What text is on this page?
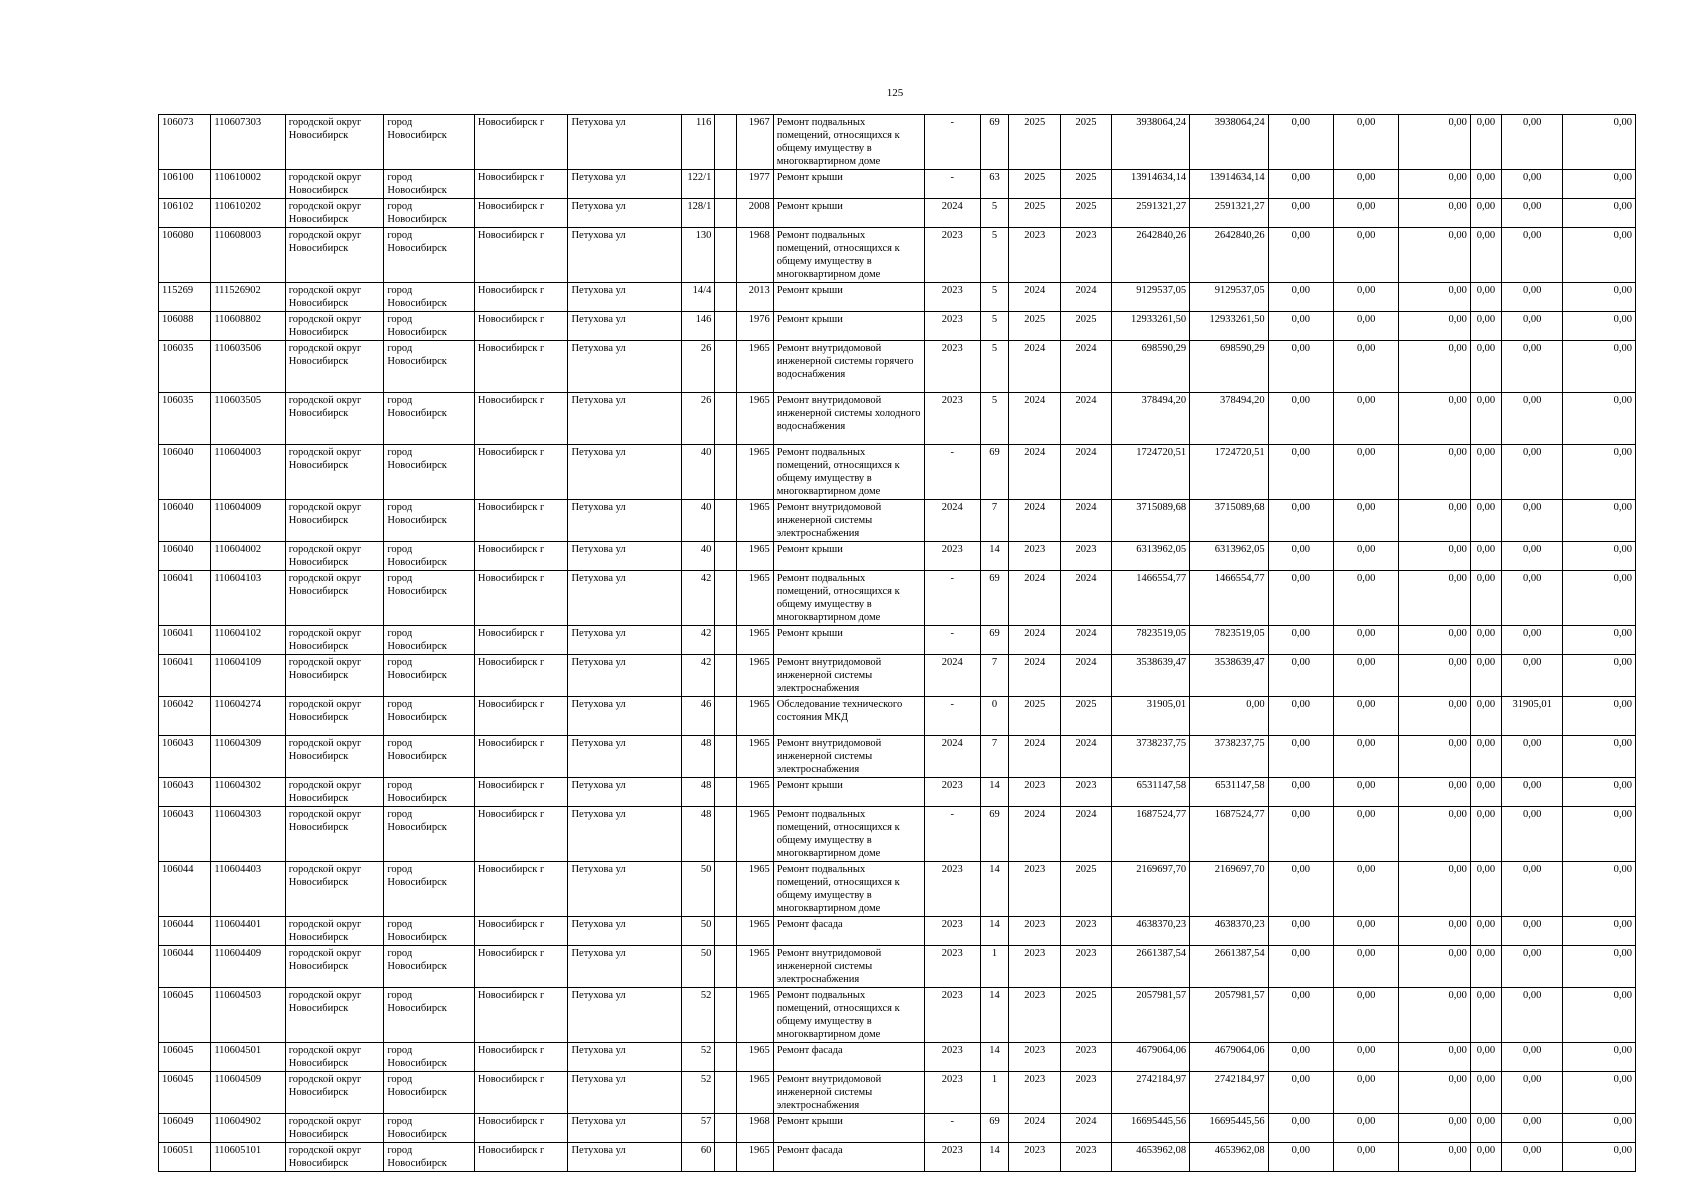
125
106073	110607303	городской округ Новосибирск	город Новосибирск	Новосибирск г	Петухова ул	116		1967	Ремонт подвальных помещений, относящихся к общему имуществу в многоквартирном доме	-	69	2025	2025	3938064,24	3938064,24	0,00	0,00	0,00	0,00	0,00	0,00
106100	110610002	городской округ Новосибирск	город Новосибирск	Новосибирск г	Петухова ул	122/1		1977	Ремонт крыши	-	63	2025	2025	13914634,14	13914634,14	0,00	0,00	0,00	0,00	0,00	0,00
106102	110610202	городской округ Новосибирск	город Новосибирск	Новосибирск г	Петухова ул	128/1		2008	Ремонт крыши	2024	5	2025	2025	2591321,27	2591321,27	0,00	0,00	0,00	0,00	0,00	0,00
106080	110608003	городской округ Новосибирск	город Новосибирск	Новосибирск г	Петухова ул	130		1968	Ремонт подвальных помещений, относящихся к общему имуществу в многоквартирном доме	2023	5	2023	2023	2642840,26	2642840,26	0,00	0,00	0,00	0,00	0,00	0,00
115269	111526902	городской округ Новосибирск	город Новосибирск	Новосибирск г	Петухова ул	14/4		2013	Ремонт крыши	2023	5	2024	2024	9129537,05	9129537,05	0,00	0,00	0,00	0,00	0,00	0,00
106088	110608802	городской округ Новосибирск	город Новосибирск	Новосибирск г	Петухова ул	146		1976	Ремонт крыши	2023	5	2025	2025	12933261,50	12933261,50	0,00	0,00	0,00	0,00	0,00	0,00
106035	110603506	городской округ Новосибирск	город Новосибирск	Новосибирск г	Петухова ул	26		1965	Ремонт внутридомовой инженерной системы горячего водоснабжения	2023	5	2024	2024	698590,29	698590,29	0,00	0,00	0,00	0,00	0,00	0,00
106035	110603505	городской округ Новосибирск	город Новосибирск	Новосибирск г	Петухова ул	26		1965	Ремонт внутридомовой инженерной системы холодного водоснабжения	2023	5	2024	2024	378494,20	378494,20	0,00	0,00	0,00	0,00	0,00	0,00
106040	110604003	городской округ Новосибирск	город Новосибирск	Новосибирск г	Петухова ул	40		1965	Ремонт подвальных помещений, относящихся к общему имуществу в многоквартирном доме	-	69	2024	2024	1724720,51	1724720,51	0,00	0,00	0,00	0,00	0,00	0,00
106040	110604009	городской округ Новосибирск	город Новосибирск	Новосибирск г	Петухова ул	40		1965	Ремонт внутридомовой инженерной системы электроснабжения	2024	7	2024	2024	3715089,68	3715089,68	0,00	0,00	0,00	0,00	0,00	0,00
106040	110604002	городской округ Новосибирск	город Новосибирск	Новосибирск г	Петухова ул	40		1965	Ремонт крыши	2023	14	2023	2023	6313962,05	6313962,05	0,00	0,00	0,00	0,00	0,00	0,00
106041	110604103	городской округ Новосибирск	город Новосибирск	Новосибирск г	Петухова ул	42		1965	Ремонт подвальных помещений, относящихся к общему имуществу в многоквартирном доме	-	69	2024	2024	1466554,77	1466554,77	0,00	0,00	0,00	0,00	0,00	0,00
106041	110604102	городской округ Новосибирск	город Новосибирск	Новосибирск г	Петухова ул	42		1965	Ремонт крыши	-	69	2024	2024	7823519,05	7823519,05	0,00	0,00	0,00	0,00	0,00	0,00
106041	110604109	городской округ Новосибирск	город Новосибирск	Новосибирск г	Петухова ул	42		1965	Ремонт внутридомовой инженерной системы электроснабжения	2024	7	2024	2024	3538639,47	3538639,47	0,00	0,00	0,00	0,00	0,00	0,00
106042	110604274	городской округ Новосибирск	город Новосибирск	Новосибирск г	Петухова ул	46		1965	Обследование технического состояния МКД	-	0	2025	2025	31905,01	0,00	0,00	0,00	0,00	0,00	31905,01	0,00
106043	110604309	городской округ Новосибирск	город Новосибирск	Новосибирск г	Петухова ул	48		1965	Ремонт внутридомовой инженерной системы электроснабжения	2024	7	2024	2024	3738237,75	3738237,75	0,00	0,00	0,00	0,00	0,00	0,00
106043	110604302	городской округ Новосибирск	город Новосибирск	Новосибирск г	Петухова ул	48		1965	Ремонт крыши	2023	14	2023	2023	6531147,58	6531147,58	0,00	0,00	0,00	0,00	0,00	0,00
106043	110604303	городской округ Новосибирск	город Новосибирск	Новосибирск г	Петухова ул	48		1965	Ремонт подвальных помещений, относящихся к общему имуществу в многоквартирном доме	-	69	2024	2024	1687524,77	1687524,77	0,00	0,00	0,00	0,00	0,00	0,00
106044	110604403	городской округ Новосибирск	город Новосибирск	Новосибирск г	Петухова ул	50		1965	Ремонт подвальных помещений, относящихся к общему имуществу в многоквартирном доме	2023	14	2023	2025	2169697,70	2169697,70	0,00	0,00	0,00	0,00	0,00	0,00
106044	110604401	городской округ Новосибирск	город Новосибирск	Новосибирск г	Петухова ул	50		1965	Ремонт фасада	2023	14	2023	2023	4638370,23	4638370,23	0,00	0,00	0,00	0,00	0,00	0,00
106044	110604409	городской округ Новосибирск	город Новосибирск	Новосибирск г	Петухова ул	50		1965	Ремонт внутридомовой инженерной системы электроснабжения	2023	1	2023	2023	2661387,54	2661387,54	0,00	0,00	0,00	0,00	0,00	0,00
106045	110604503	городской округ Новосибирск	город Новосибирск	Новосибирск г	Петухова ул	52		1965	Ремонт подвальных помещений, относящихся к общему имуществу в многоквартирном доме	2023	14	2023	2025	2057981,57	2057981,57	0,00	0,00	0,00	0,00	0,00	0,00
106045	110604501	городской округ Новосибирск	город Новосибирск	Новосибирск г	Петухова ул	52		1965	Ремонт фасада	2023	14	2023	2023	4679064,06	4679064,06	0,00	0,00	0,00	0,00	0,00	0,00
106045	110604509	городской округ Новосибирск	город Новосибирск	Новосибирск г	Петухова ул	52		1965	Ремонт внутридомовой инженерной системы электроснабжения	2023	1	2023	2023	2742184,97	2742184,97	0,00	0,00	0,00	0,00	0,00	0,00
106049	110604902	городской округ Новосибирск	город Новосибирск	Новосибирск г	Петухова ул	57		1968	Ремонт крыши	-	69	2024	2024	16695445,56	16695445,56	0,00	0,00	0,00	0,00	0,00	0,00
106051	110605101	городской округ Новосибирск	город Новосибирск	Новосибирск г	Петухова ул	60		1965	Ремонт фасада	2023	14	2023	2023	4653962,08	4653962,08	0,00	0,00	0,00	0,00	0,00	0,00
